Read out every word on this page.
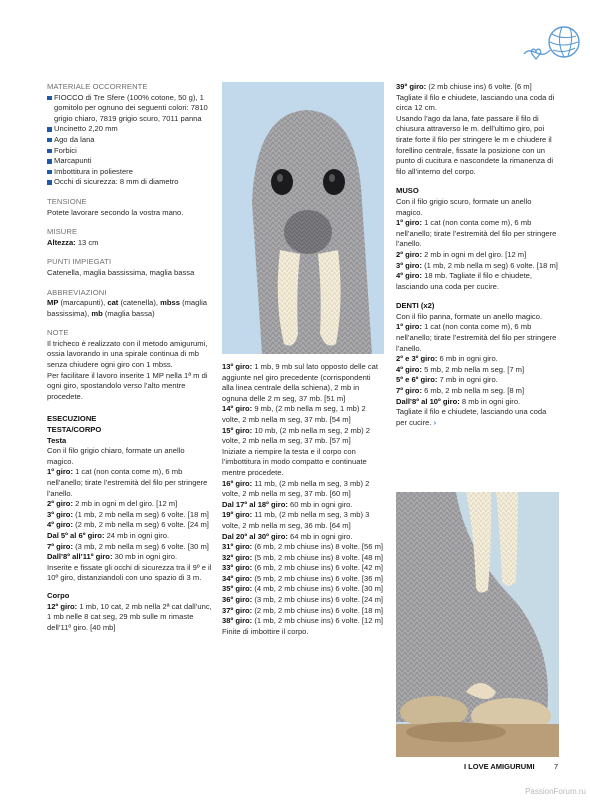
MATERIALE OCCORRENTE
FIOCCO di Tre Sfere (100% cotone, 50 g), 1 gomitolo per ognuno dei seguenti colori: 7810 grigio chiaro, 7819 grigio scuro, 7011 panna
Uncinetto 2,20 mm
Ago da lana
Forbici
Marcapunti
Imbottitura in poliestere
Occhi di sicurezza: 8 mm di diametro
TENSIONE

Potete lavorare secondo la vostra mano.

MISURE

Altezza: 13 cm

PUNTI IMPIEGATI

Catenella, maglia bassissima, maglia bassa

ABBREVIAZIONI

MP (marcapunti), cat (catenella), mbss (maglia bassissima), mb (maglia bassa)

NOTE

Il tricheco è realizzato con il metodo amigurumi, ossia lavorando in una spirale continua di mb senza chiudere ogni giro con 1 mbss.

Per facilitare il lavoro inserite 1 MP nella 1ª m di ogni giro, spostandolo verso l’alto mentre procedete.

ESECUZIONE
TESTA/CORPO
Testa

Con il filo grigio chiaro, formate un anello magico.

1º giro: 1 cat (non conta come m), 6 mb nell’anello; tirate l’estremità del filo per stringere l’anello.

2º giro: 2 mb in ogni m del giro. [12 m]

3º giro: (1 mb, 2 mb nella m seg) 6 volte. [18 m]

4º giro: (2 mb, 2 mb nella m seg) 6 volte. [24 m]

Dal 5º al 6º giro: 24 mb in ogni giro.

7º giro: (3 mb, 2 mb nella m seg) 6 volte. [30 m]

Dall’8º all’11º giro: 30 mb in ogni giro.

Inserite e fissate gli occhi di sicurezza tra il 9º e il 10º giro, distanziandoli con uno spazio di 3 m.

Corpo

12º giro: 1 mb, 10 cat, 2 mb nella 2ª cat dall’unc, 1 mb nelle 8 cat seg, 29 mb sulle m rimaste dell’11º giro. [40 mb]

13º giro: 1 mb, 9 mb sul lato opposto delle cat aggiunte nel giro precedente (corrispondenti alla linea centrale della schiena), 2 mb in ognuna delle 2 m seg, 37 mb. [51 m]

14º giro: 9 mb, (2 mb nella m seg, 1 mb) 2 volte, 2 mb nella m seg, 37 mb. [54 m]

15º giro: 10 mb, (2 mb nella m seg, 2 mb) 2 volte, 2 mb nella m seg, 37 mb. [57 m]

Iniziate a riempire la testa e il corpo con l’imbottitura in modo compatto e continuate mentre procedete.

16º giro: 11 mb, (2 mb nella m seg, 3 mb) 2 volte, 2 mb nella m seg, 37 mb. [60 m]

Dal 17º al 18º giro: 60 mb in ogni giro.

19º giro: 11 mb, (2 mb nella m seg, 3 mb) 3 volte, 2 mb nella m seg, 36 mb. [64 m]

Dal 20º al 30º giro: 64 mb in ogni giro.

31º giro: (6 mb, 2 mb chiuse ins) 8 volte. [56 m]

32º giro: (5 mb, 2 mb chiuse ins) 8 volte. [48 m]

33º giro: (6 mb, 2 mb chiuse ins) 6 volte. [42 m]

34º giro: (5 mb, 2 mb chiuse ins) 6 volte. [36 m]

35º giro: (4 mb, 2 mb chiuse ins) 6 volte. [30 m]

36º giro: (3 mb, 2 mb chiuse ins) 6 volte. [24 m]

37º giro: (2 mb, 2 mb chiuse ins) 6 volte. [18 m]

38º giro: (1 mb, 2 mb chiuse ins) 6 volte. [12 m]

Finite di imbottire il corpo.

39º giro: (2 mb chiuse ins) 6 volte. [6 m]

Tagliate il filo e chiudete, lasciando una coda di circa 12 cm.

Usando l’ago da lana, fate passare il filo di chiusura attraverso le m. dell’ultimo giro, poi tirate forte il filo per stringere le m e chiudere il forellino centrale, fissate la posizione con un punto di cucitura e nascondete la rimanenza di filo all’interno del corpo.

MUSO

Con il filo grigio scuro, formate un anello magico.

1º giro: 1 cat (non conta come m), 6 mb nell’anello; tirate l’estremità del filo per stringere l’anello.

2º giro: 2 mb in ogni m del giro. [12 m]

3º giro: (1 mb, 2 mb nella m seg) 6 volte. [18 m]

4º giro: 18 mb. Tagliate il filo e chiudete, lasciando una coda per cucire.

DENTI (x2)

Con il filo panna, formate un anello magico.

1º giro: 1 cat (non conta come m), 6 mb nell’anello; tirate l’estremità del filo per stringere l’anello.

2º e 3º giro: 6 mb in ogni giro.

4º giro: 5 mb, 2 mb nella m seg. [7 m]

5º e 6º giro: 7 mb in ogni giro.

7º giro: 6 mb, 2 mb nella m seg. [8 m]

Dall’8º al 10º giro: 8 mb in ogni giro.

Tagliate il filo e chiudete, lasciando una coda per cucire. ›

I LOVE AMIGURUMI	7
PassionForum.ru
